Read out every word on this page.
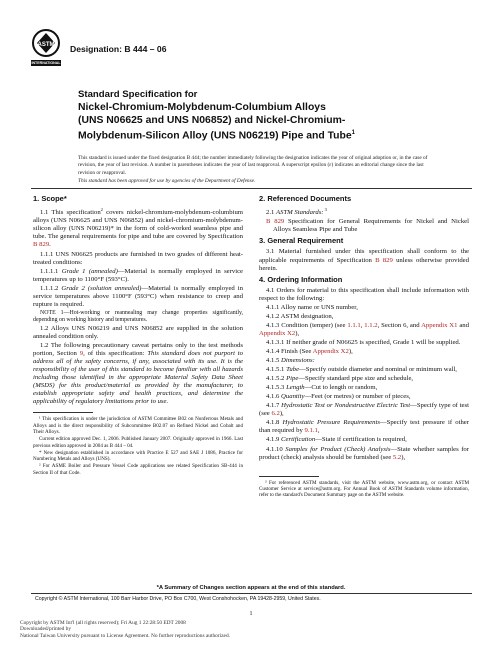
ASTM
INTERNATIONAL
Designation: B 444 – 06
Standard Specification for
Nickel-Chromium-Molybdenum-Columbium Alloys
(UNS N06625 and UNS N06852) and Nickel-Chromium-
Molybdenum-Silicon Alloy (UNS N06219) Pipe and Tube$^1$
This standard is issued under the fixed designation B 444; the number immediately following the designation indicates the year of original adoption or, in the case of revision, the year of last revision. A number in parentheses indicates the year of last reapproval. A superscript epsilon (ε) indicates an editorial change since the last revision or reapproval.
This standard has been approved for use by agencies of the Department of Defense.

1. Scope*

1.1 This specification$^2$ covers nickel-chromium-molybdenum-columbium alloys (UNS N06625 and UNS N06852) and nickel-chromium-molybdenum-silicon alloy (UNS N06219)* in the form of cold-worked seamless pipe and tube. The general requirements for pipe and tube are covered by Specification B 829.

1.1.1 UNS N06625 products are furnished in two grades of different heat-treated conditions:

1.1.1.1 Grade 1 (annealed)—Material is normally employed in service temperatures up to 1100°F (593°C).

1.1.1.2 Grade 2 (solution annealed)—Material is normally employed in service temperatures above 1100°F (593°C) when resistance to creep and rupture is required.

NOTE 1—Hot-working or reannealing may change properties significantly, depending on working history and temperatures.

1.2 Alloys UNS N06219 and UNS N06852 are supplied in the solution annealed condition only.

1.2 The following precautionary caveat pertains only to the test methods portion, Section 9, of this specification: This standard does not purport to address all of the safety concerns, if any, associated with its use. It is the responsibility of the user of this standard to become familiar with all hazards including those identified in the appropriate Material Safety Data Sheet (MSDS) for this product/material as provided by the manufacturer, to establish appropriate safety and health practices, and determine the applicability of regulatory limitations prior to use.

¹ This specification is under the jurisdiction of ASTM Committee B02 on Nonferrous Metals and Alloys and is the direct responsibility of Subcommittee B02.07 on Refined Nickel and Cobalt and Their Alloys.

Current edition approved Dec. 1, 2006. Published January 2007. Originally approved in 1966. Last previous edition approved in 2004 as B 444 – 04.

* New designation established in accordance with Practice E 527 and SAE J 1086, Practice for Numbering Metals and Alloys (UNS).

² For ASME Boiler and Pressure Vessel Code applications see related Specification SB-444 in Section II of that Code.

2. Referenced Documents

2.1 ASTM Standards: $^3$

B 829 Specification for General Requirements for Nickel and Nickel Alloys Seamless Pipe and Tube

3. General Requirement

3.1 Material furnished under this specification shall conform to the applicable requirements of Specification B 829 unless otherwise provided herein.

4. Ordering Information

4.1 Orders for material to this specification shall include information with respect to the following:

4.1.1 Alloy name or UNS number,

4.1.2 ASTM designation,

4.1.3 Condition (temper) (see 1.1.1, 1.1.2, Section 6, and Appendix X1 and Appendix X2),

4.1.3.1 If neither grade of N06625 is specified, Grade 1 will be supplied.

4.1.4 Finish (See Appendix X2),

4.1.5 Dimensions:

4.1.5.1 Tube—Specify outside diameter and nominal or minimum wall,

4.1.5.2 Pipe—Specify standard pipe size and schedule,

4.1.5.3 Length—Cut to length or random,

4.1.6 Quantity—Feet (or metres) or number of pieces,

4.1.7 Hydrostatic Test or Nondestructive Electric Test—Specify type of test (see 6.2),

4.1.8 Hydrostatic Pressure Requirements—Specify test pressure if other than required by 9.1.1,

4.1.9 Certification—State if certification is required,

4.1.10 Samples for Product (Check) Analysis—State whether samples for product (check) analysis should be furnished (see 5.2),

³ For referenced ASTM standards, visit the ASTM website, www.astm.org, or contact ASTM Customer Service at service@astm.org. For Annual Book of ASTM Standards volume information, refer to the standard's Document Summary page on the ASTM website.

*A Summary of Changes section appears at the end of this standard.
Copyright © ASTM International, 100 Barr Harbor Drive, PO Box C700, West Conshohocken, PA 19428-2959, United States.
1
Copyright by ASTM Int'l (all rights reserved); Fri Aug 1 22:28:50 EDT 2008
Downloaded/printed by
National Taiwan University pursuant to License Agreement. No further reproductions authorized.
